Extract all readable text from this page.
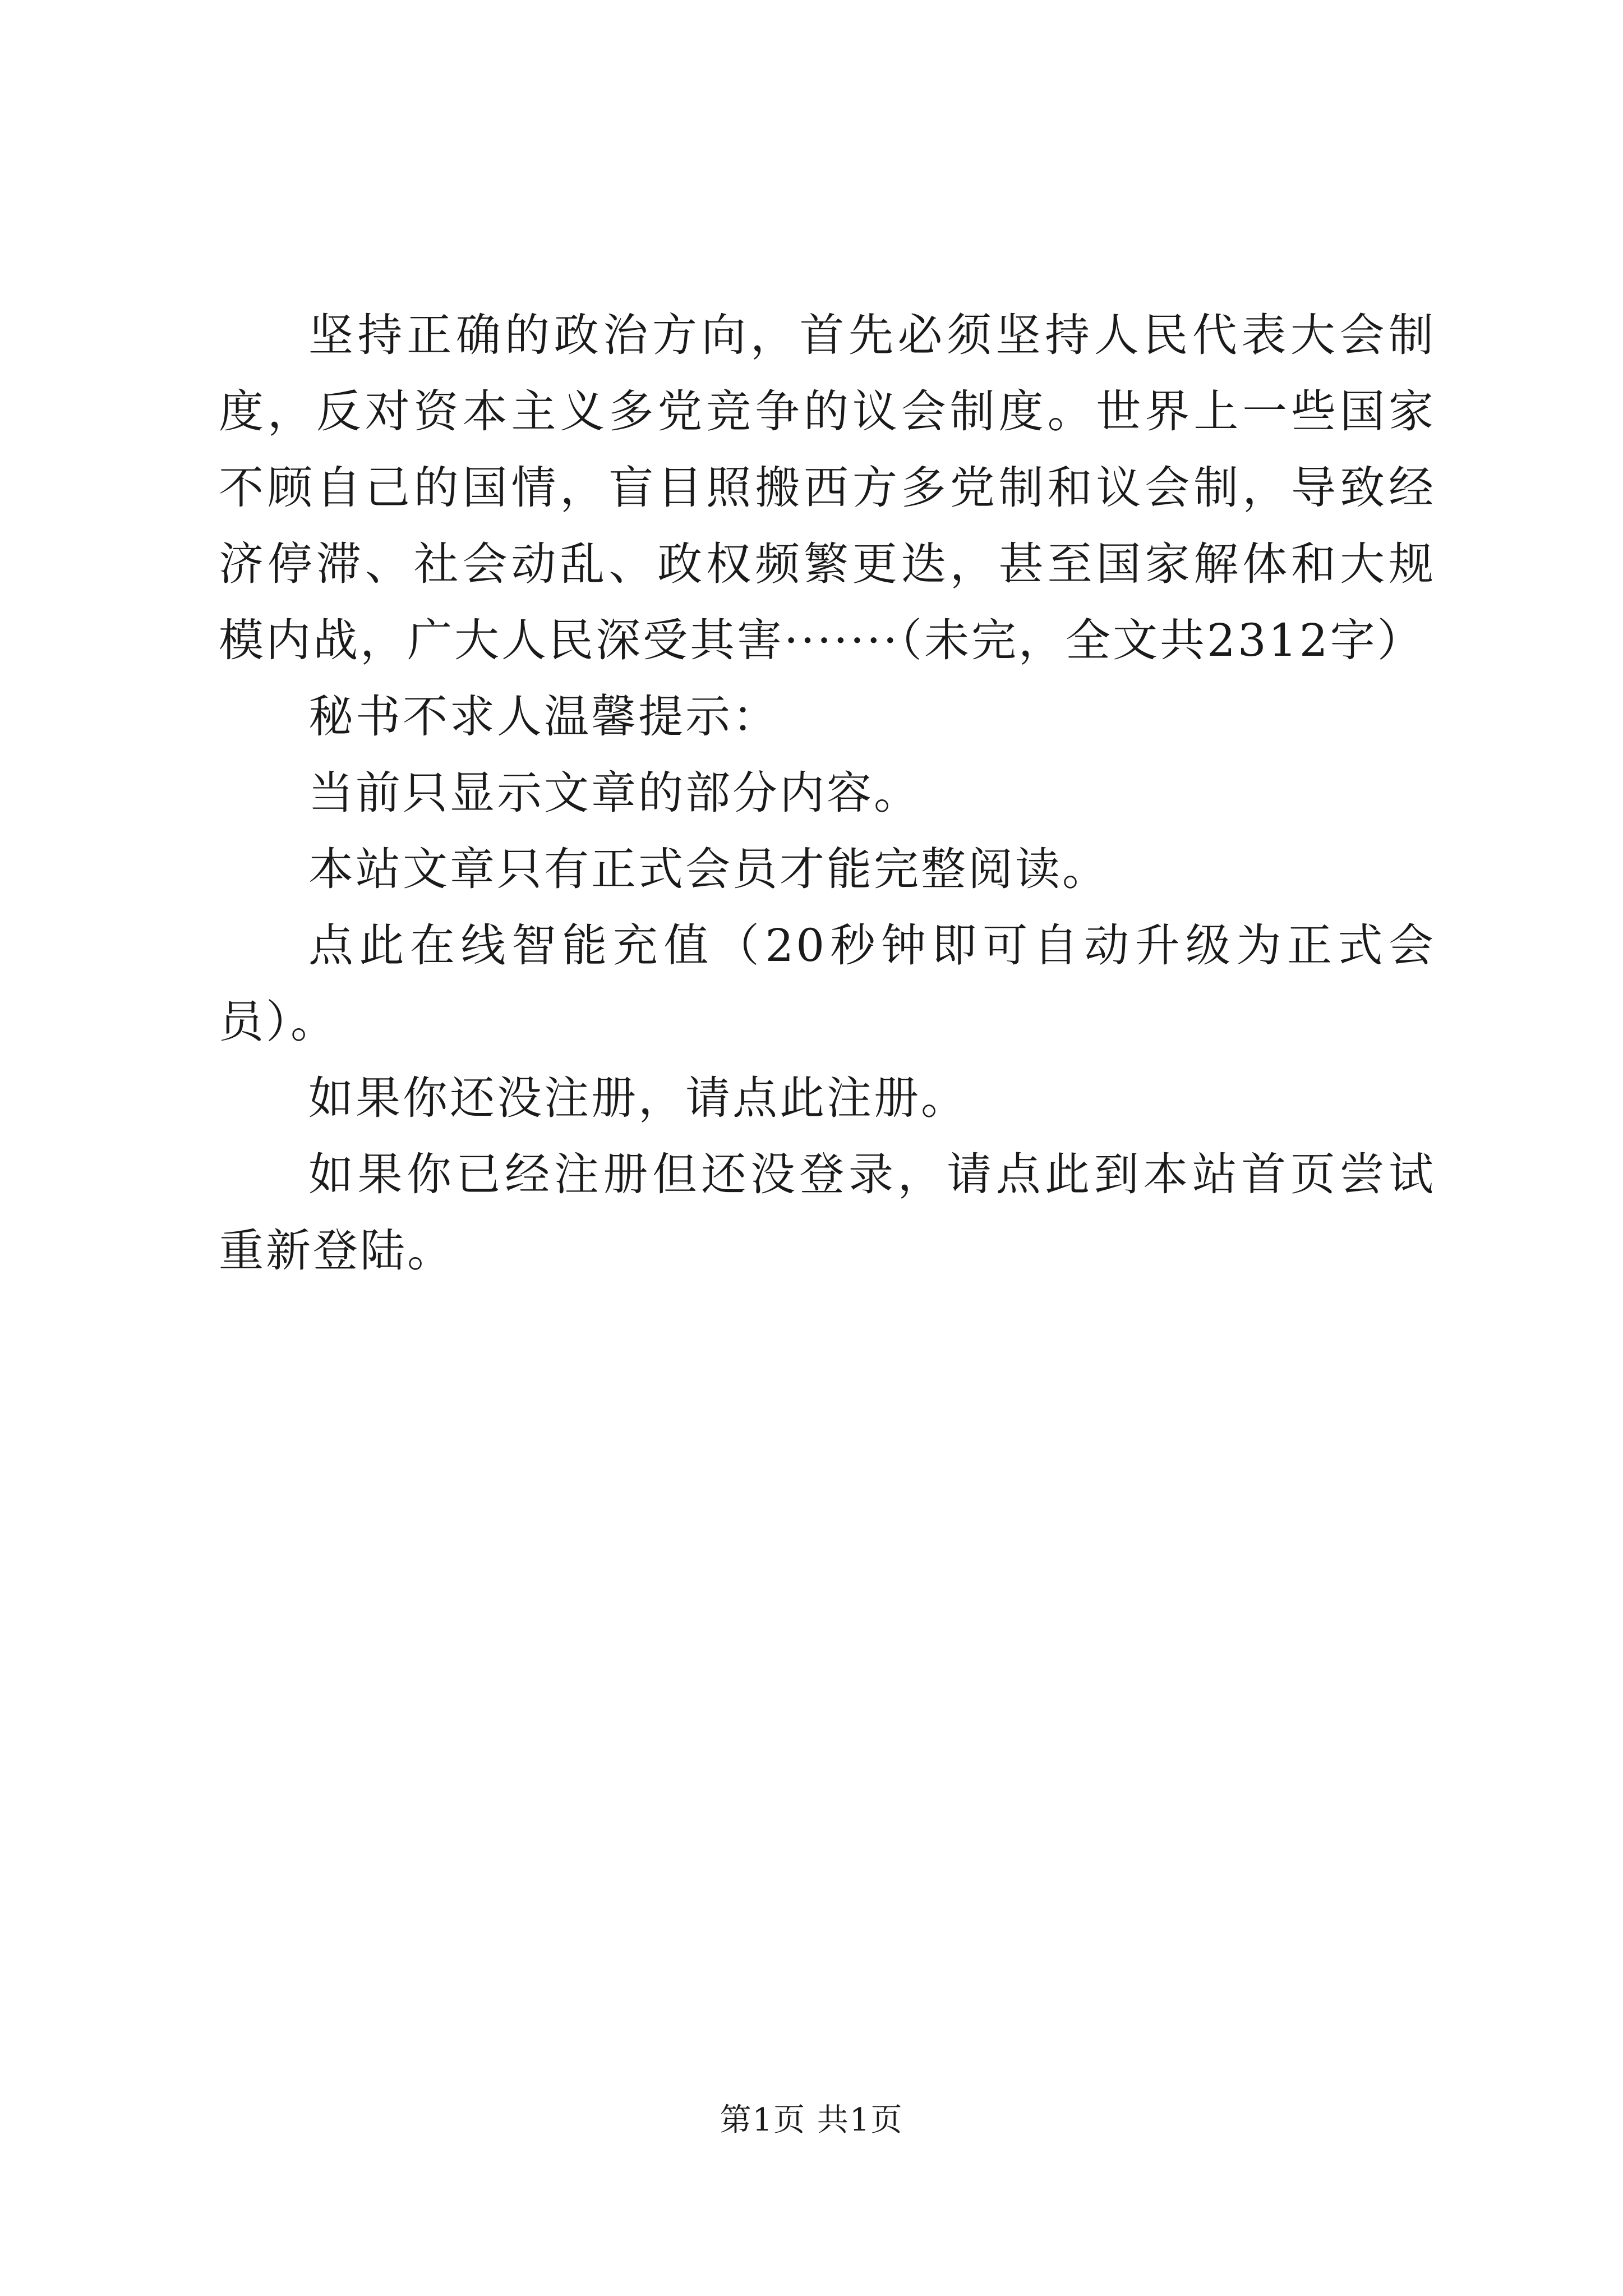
坚持正确的政治方向，首先必须坚持人民代表大会制度，反对资本主义多党竞争的议会制度。世界上一些国家不顾自己的国情，盲目照搬西方多党制和议会制，导致经济停滞、社会动乱、政权频繁更迭，甚至国家解体和大规模内战，广大人民深受其害·······（未完，全文共2312字）

秘书不求人温馨提示：

当前只显示文章的部分内容。

本站文章只有正式会员才能完整阅读。

点此在线智能充值（20秒钟即可自动升级为正式会员）。

如果你还没注册，请点此注册。

如果你已经注册但还没登录，请点此到本站首页尝试重新登陆。

第1页 共1页
